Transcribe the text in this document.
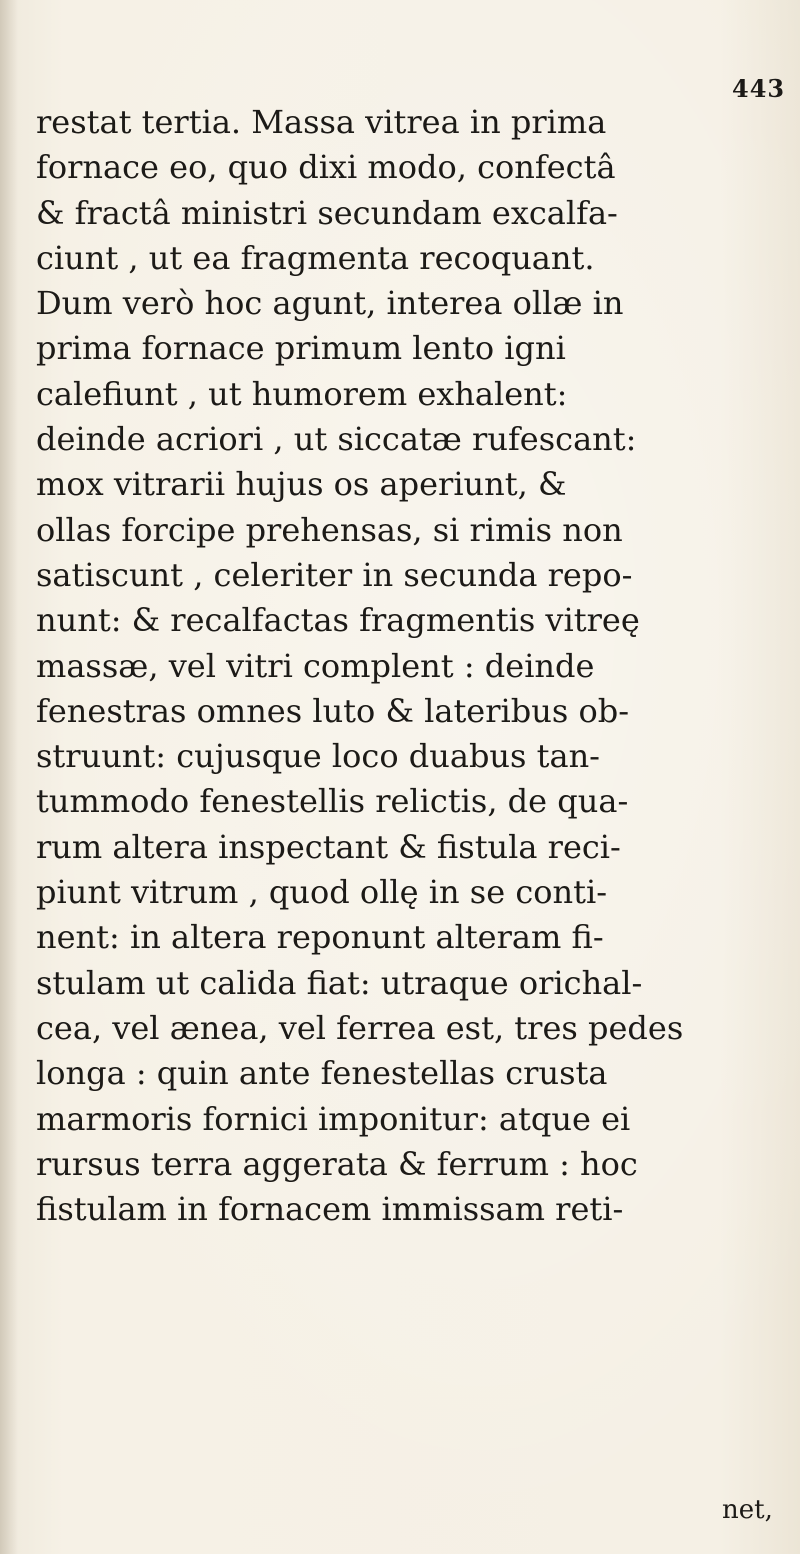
443
restat tertia. Massa vitrea in prima
fornace eo, quo dixi modo, confectâ
& fractâ ministri secundam excalfa-
ciunt , ut ea fragmenta recoquant.
Dum verò hoc agunt, interea ollæ in
prima fornace primum lento igni
calefiunt , ut humorem exhalent:
deinde acriori , ut siccatæ rufescant:
mox vitrarii hujus os aperiunt, &
ollas forcipe prehensas, si rimis non
satiscunt , celeriter in secunda repo-
nunt: & recalfactas fragmentis vitreę
massæ, vel vitri complent : deinde
fenestras omnes luto & lateribus ob-
struunt: cujusque loco duabus tan-
tummodo fenestellis relictis, de qua-
rum altera inspectant & fistula reci-
piunt vitrum , quod ollę in se conti-
nent: in altera reponunt alteram fi-
stulam ut calida fiat: utraque orichal-
cea, vel ænea, vel ferrea est, tres pedes
longa : quin ante fenestellas crusta
marmoris fornici imponitur: atque ei
rursus terra aggerata & ferrum : hoc
fistulam in fornacem immissam reti-
net,
